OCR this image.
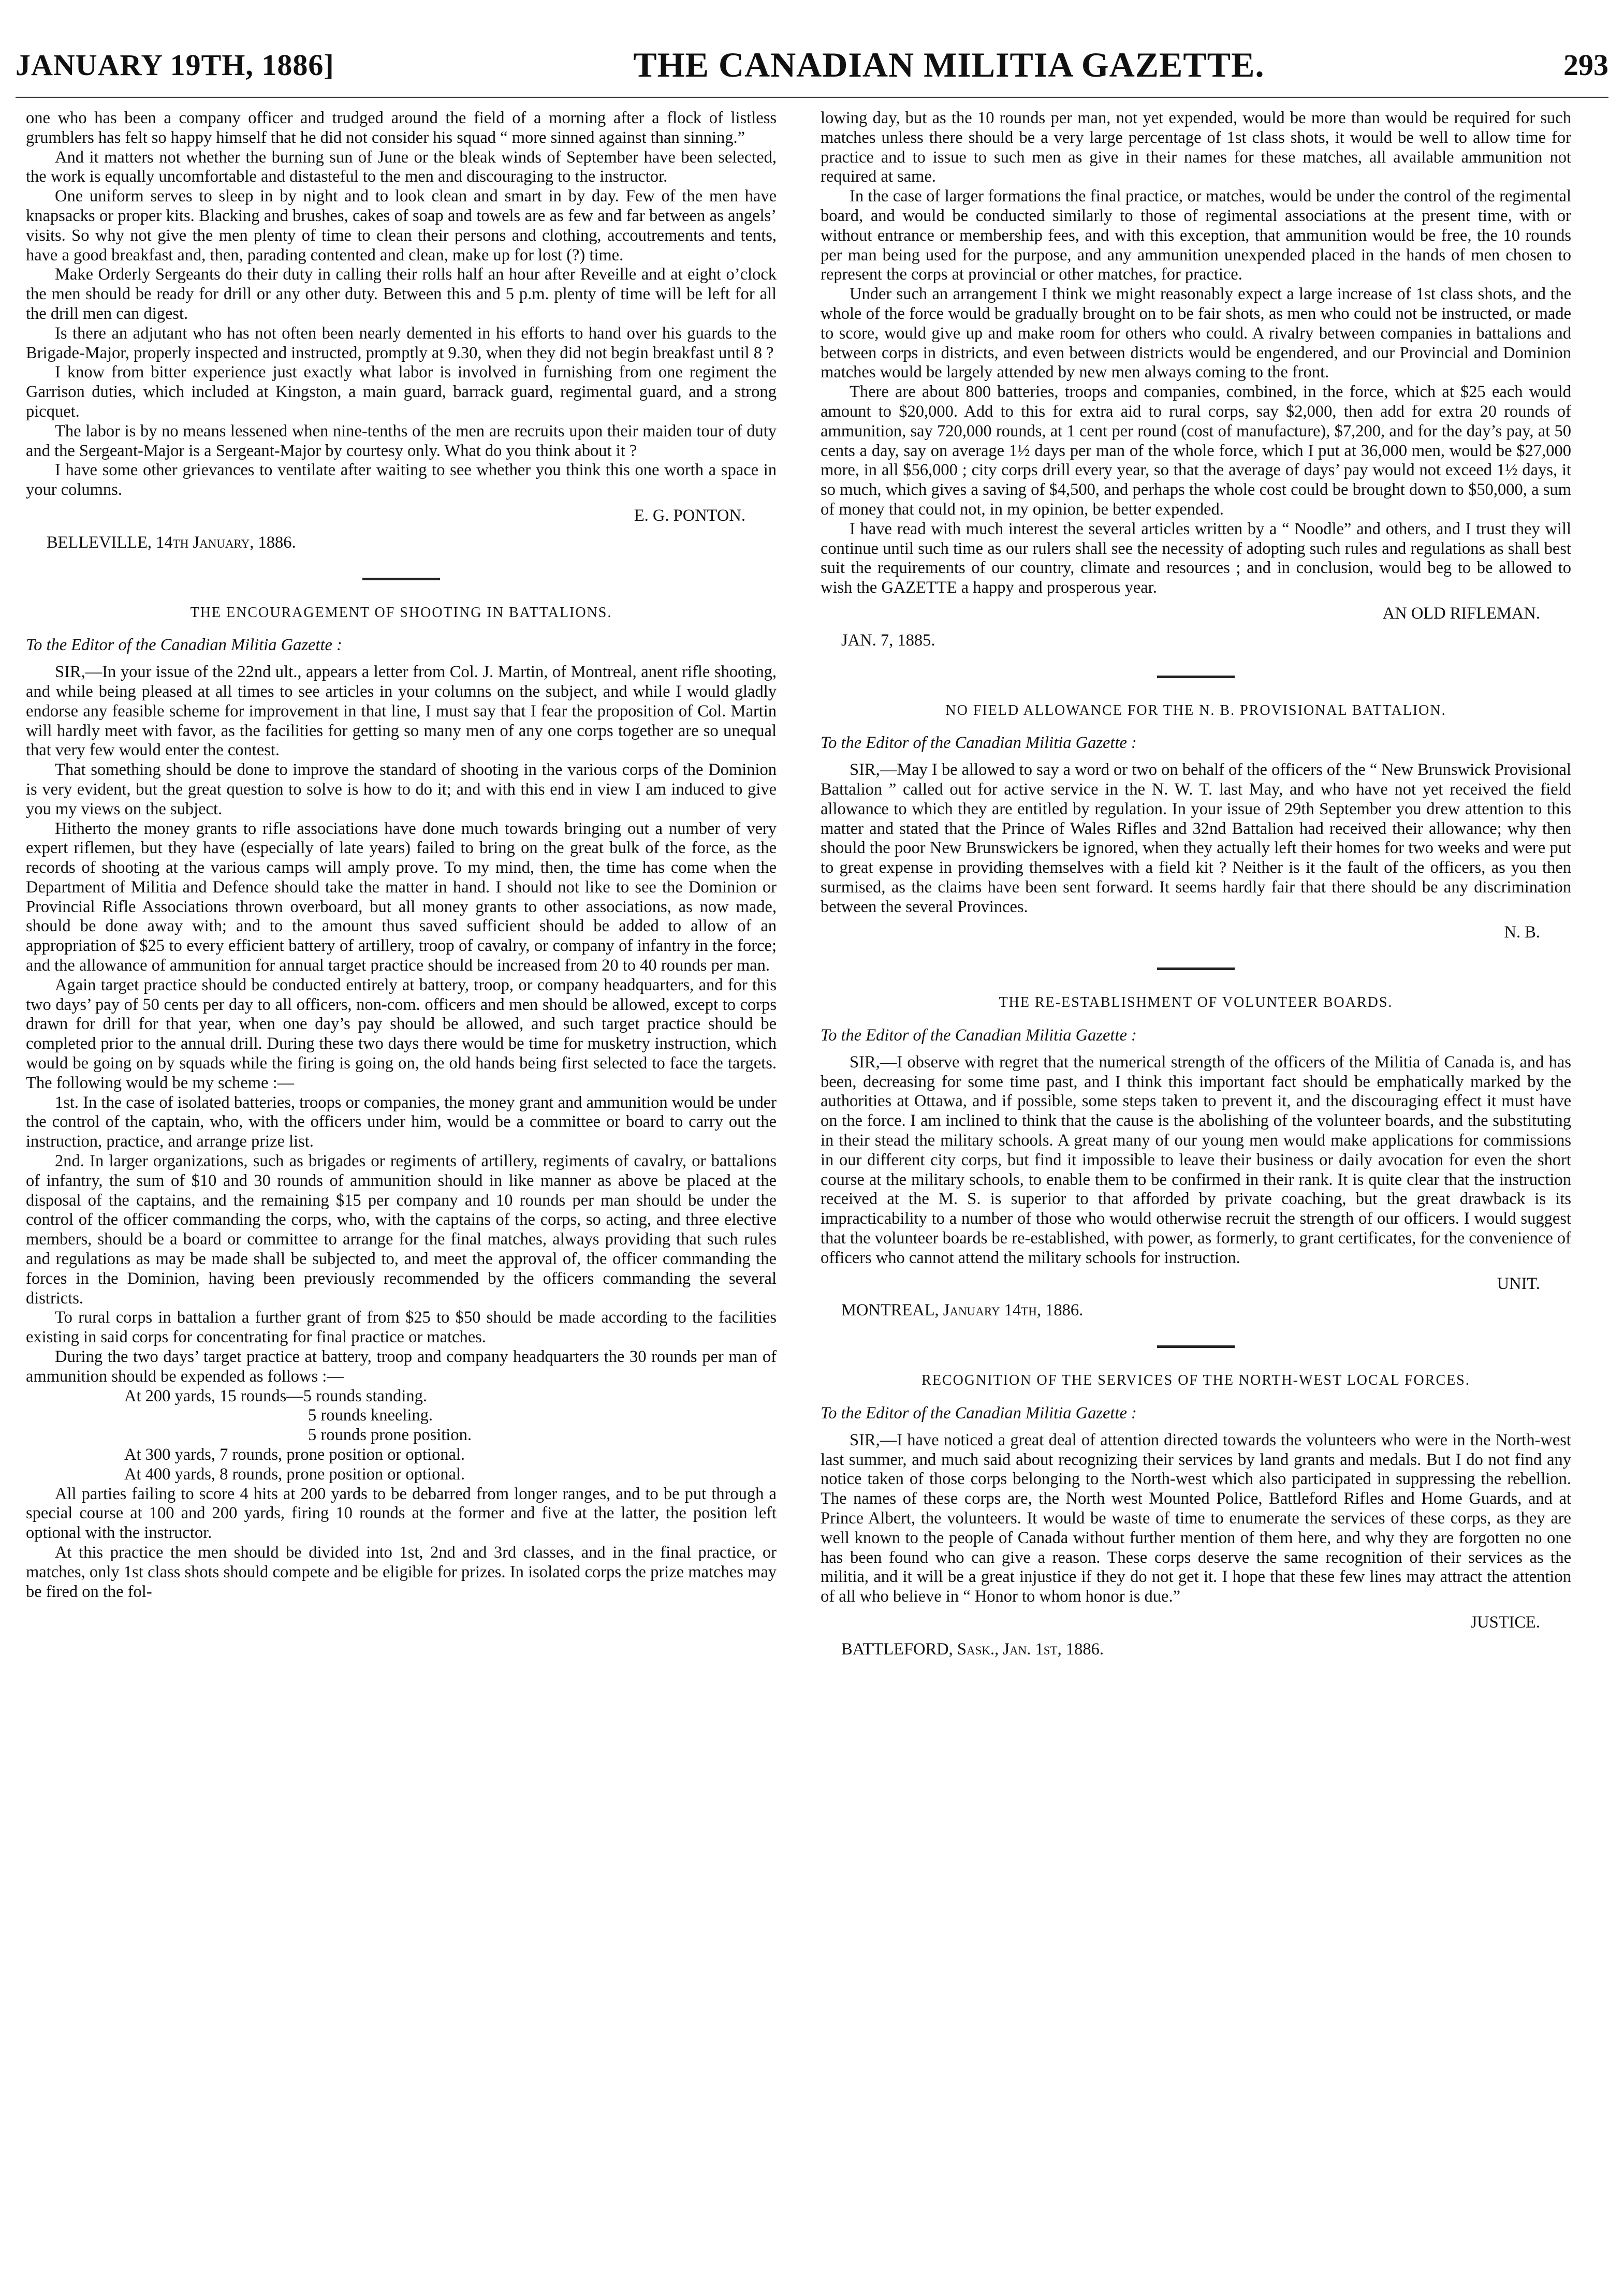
JANUARY 19TH, 1886]	THE CANADIAN MILITIA GAZETTE.	293

one who has been a company officer and trudged around the field of a morning after a flock of listless grumblers has felt so happy himself that he did not consider his squad “ more sinned against than sinning.”

And it matters not whether the burning sun of June or the bleak winds of September have been selected, the work is equally uncomfortable and distasteful to the men and discouraging to the instructor.

One uniform serves to sleep in by night and to look clean and smart in by day. Few of the men have knapsacks or proper kits. Blacking and brushes, cakes of soap and towels are as few and far between as angels’ visits. So why not give the men plenty of time to clean their persons and clothing, accoutrements and tents, have a good breakfast and, then, parading contented and clean, make up for lost (?) time.

Make Orderly Sergeants do their duty in calling their rolls half an hour after Reveille and at eight o’clock the men should be ready for drill or any other duty. Between this and 5 p.m. plenty of time will be left for all the drill men can digest.

Is there an adjutant who has not often been nearly demented in his efforts to hand over his guards to the Brigade-Major, properly inspected and instructed, promptly at 9.30, when they did not begin breakfast until 8 ?

I know from bitter experience just exactly what labor is involved in furnishing from one regiment the Garrison duties, which included at Kingston, a main guard, barrack guard, regimental guard, and a strong picquet.

The labor is by no means lessened when nine-tenths of the men are recruits upon their maiden tour of duty and the Sergeant-Major is a Sergeant-Major by courtesy only. What do you think about it ?

I have some other grievances to ventilate after waiting to see whether you think this one worth a space in your columns.

E. G. PONTON.

BELLEVILLE, 14th January, 1886.

THE ENCOURAGEMENT OF SHOOTING IN BATTALIONS.

To the Editor of the Canadian Militia Gazette :

SIR,—In your issue of the 22nd ult., appears a letter from Col. J. Martin, of Montreal, anent rifle shooting, and while being pleased at all times to see articles in your columns on the subject, and while I would gladly endorse any feasible scheme for improvement in that line, I must say that I fear the proposition of Col. Martin will hardly meet with favor, as the facilities for getting so many men of any one corps together are so unequal that very few would enter the contest.

That something should be done to improve the standard of shooting in the various corps of the Dominion is very evident, but the great question to solve is how to do it; and with this end in view I am induced to give you my views on the subject.

Hitherto the money grants to rifle associations have done much towards bringing out a number of very expert riflemen, but they have (especially of late years) failed to bring on the great bulk of the force, as the records of shooting at the various camps will amply prove. To my mind, then, the time has come when the Department of Militia and Defence should take the matter in hand. I should not like to see the Dominion or Provincial Rifle Associations thrown overboard, but all money grants to other associations, as now made, should be done away with; and to the amount thus saved sufficient should be added to allow of an appropriation of $25 to every efficient battery of artillery, troop of cavalry, or company of infantry in the force; and the allowance of ammunition for annual target practice should be increased from 20 to 40 rounds per man.

Again target practice should be conducted entirely at battery, troop, or company headquarters, and for this two days’ pay of 50 cents per day to all officers, non-com. officers and men should be allowed, except to corps drawn for drill for that year, when one day’s pay should be allowed, and such target practice should be completed prior to the annual drill. During these two days there would be time for musketry instruction, which would be going on by squads while the firing is going on, the old hands being first selected to face the targets. The following would be my scheme :—

1st. In the case of isolated batteries, troops or companies, the money grant and ammunition would be under the control of the captain, who, with the officers under him, would be a committee or board to carry out the instruction, practice, and arrange prize list.

2nd. In larger organizations, such as brigades or regiments of artillery, regiments of cavalry, or battalions of infantry, the sum of $10 and 30 rounds of ammunition should in like manner as above be placed at the disposal of the captains, and the remaining $15 per company and 10 rounds per man should be under the control of the officer commanding the corps, who, with the captains of the corps, so acting, and three elective members, should be a board or committee to arrange for the final matches, always providing that such rules and regulations as may be made shall be subjected to, and meet the approval of, the officer commanding the forces in the Dominion, having been previously recommended by the officers commanding the several districts.

To rural corps in battalion a further grant of from $25 to $50 should be made according to the facilities existing in said corps for concentrating for final practice or matches.

During the two days’ target practice at battery, troop and company headquarters the 30 rounds per man of ammunition should be expended as follows :—

At 200 yards, 15 rounds—5 rounds standing.

5 rounds kneeling.

5 rounds prone position.

At 300 yards, 7 rounds, prone position or optional.

At 400 yards, 8 rounds, prone position or optional.

All parties failing to score 4 hits at 200 yards to be debarred from longer ranges, and to be put through a special course at 100 and 200 yards, firing 10 rounds at the former and five at the latter, the position left optional with the instructor.

At this practice the men should be divided into 1st, 2nd and 3rd classes, and in the final practice, or matches, only 1st class shots should compete and be eligible for prizes. In isolated corps the prize matches may be fired on the fol-

lowing day, but as the 10 rounds per man, not yet expended, would be more than would be required for such matches unless there should be a very large percentage of 1st class shots, it would be well to allow time for practice and to issue to such men as give in their names for these matches, all available ammunition not required at same.

In the case of larger formations the final practice, or matches, would be under the control of the regimental board, and would be conducted similarly to those of regimental associations at the present time, with or without entrance or membership fees, and with this exception, that ammunition would be free, the 10 rounds per man being used for the purpose, and any ammunition unexpended placed in the hands of men chosen to represent the corps at provincial or other matches, for practice.

Under such an arrangement I think we might reasonably expect a large increase of 1st class shots, and the whole of the force would be gradually brought on to be fair shots, as men who could not be instructed, or made to score, would give up and make room for others who could. A rivalry between companies in battalions and between corps in districts, and even between districts would be engendered, and our Provincial and Dominion matches would be largely attended by new men always coming to the front.

There are about 800 batteries, troops and companies, combined, in the force, which at $25 each would amount to $20,000. Add to this for extra aid to rural corps, say $2,000, then add for extra 20 rounds of ammunition, say 720,000 rounds, at 1 cent per round (cost of manufacture), $7,200, and for the day’s pay, at 50 cents a day, say on average 1½ days per man of the whole force, which I put at 36,000 men, would be $27,000 more, in all $56,000 ; city corps drill every year, so that the average of days’ pay would not exceed 1½ days, it so much, which gives a saving of $4,500, and perhaps the whole cost could be brought down to $50,000, a sum of money that could not, in my opinion, be better expended.

I have read with much interest the several articles written by a “ Noodle” and others, and I trust they will continue until such time as our rulers shall see the necessity of adopting such rules and regulations as shall best suit the requirements of our country, climate and resources ; and in conclusion, would beg to be allowed to wish the GAZETTE a happy and prosperous year.

AN OLD RIFLEMAN.

JAN. 7, 1885.

NO FIELD ALLOWANCE FOR THE N. B. PROVISIONAL BATTALION.

To the Editor of the Canadian Militia Gazette :

SIR,—May I be allowed to say a word or two on behalf of the officers of the “ New Brunswick Provisional Battalion ” called out for active service in the N. W. T. last May, and who have not yet received the field allowance to which they are entitled by regulation. In your issue of 29th September you drew attention to this matter and stated that the Prince of Wales Rifles and 32nd Battalion had received their allowance; why then should the poor New Brunswickers be ignored, when they actually left their homes for two weeks and were put to great expense in providing themselves with a field kit ? Neither is it the fault of the officers, as you then surmised, as the claims have been sent forward. It seems hardly fair that there should be any discrimination between the several Provinces.

N. B.

THE RE-ESTABLISHMENT OF VOLUNTEER BOARDS.

To the Editor of the Canadian Militia Gazette :

SIR,—I observe with regret that the numerical strength of the officers of the Militia of Canada is, and has been, decreasing for some time past, and I think this important fact should be emphatically marked by the authorities at Ottawa, and if possible, some steps taken to prevent it, and the discouraging effect it must have on the force. I am inclined to think that the cause is the abolishing of the volunteer boards, and the substituting in their stead the military schools. A great many of our young men would make applications for commissions in our different city corps, but find it impossible to leave their business or daily avocation for even the short course at the military schools, to enable them to be confirmed in their rank. It is quite clear that the instruction received at the M. S. is superior to that afforded by private coaching, but the great drawback is its impracticability to a number of those who would otherwise recruit the strength of our officers. I would suggest that the volunteer boards be re-established, with power, as formerly, to grant certificates, for the convenience of officers who cannot attend the military schools for instruction.

UNIT.

MONTREAL, January 14th, 1886.

RECOGNITION OF THE SERVICES OF THE NORTH-WEST LOCAL FORCES.

To the Editor of the Canadian Militia Gazette :

SIR,—I have noticed a great deal of attention directed towards the volunteers who were in the North-west last summer, and much said about recognizing their services by land grants and medals. But I do not find any notice taken of those corps belonging to the North-west which also participated in suppressing the rebellion. The names of these corps are, the North west Mounted Police, Battleford Rifles and Home Guards, and at Prince Albert, the volunteers. It would be waste of time to enumerate the services of these corps, as they are well known to the people of Canada without further mention of them here, and why they are forgotten no one has been found who can give a reason. These corps deserve the same recognition of their services as the militia, and it will be a great injustice if they do not get it. I hope that these few lines may attract the attention of all who believe in “ Honor to whom honor is due.”

JUSTICE.

BATTLEFORD, Sask., Jan. 1st, 1886.
